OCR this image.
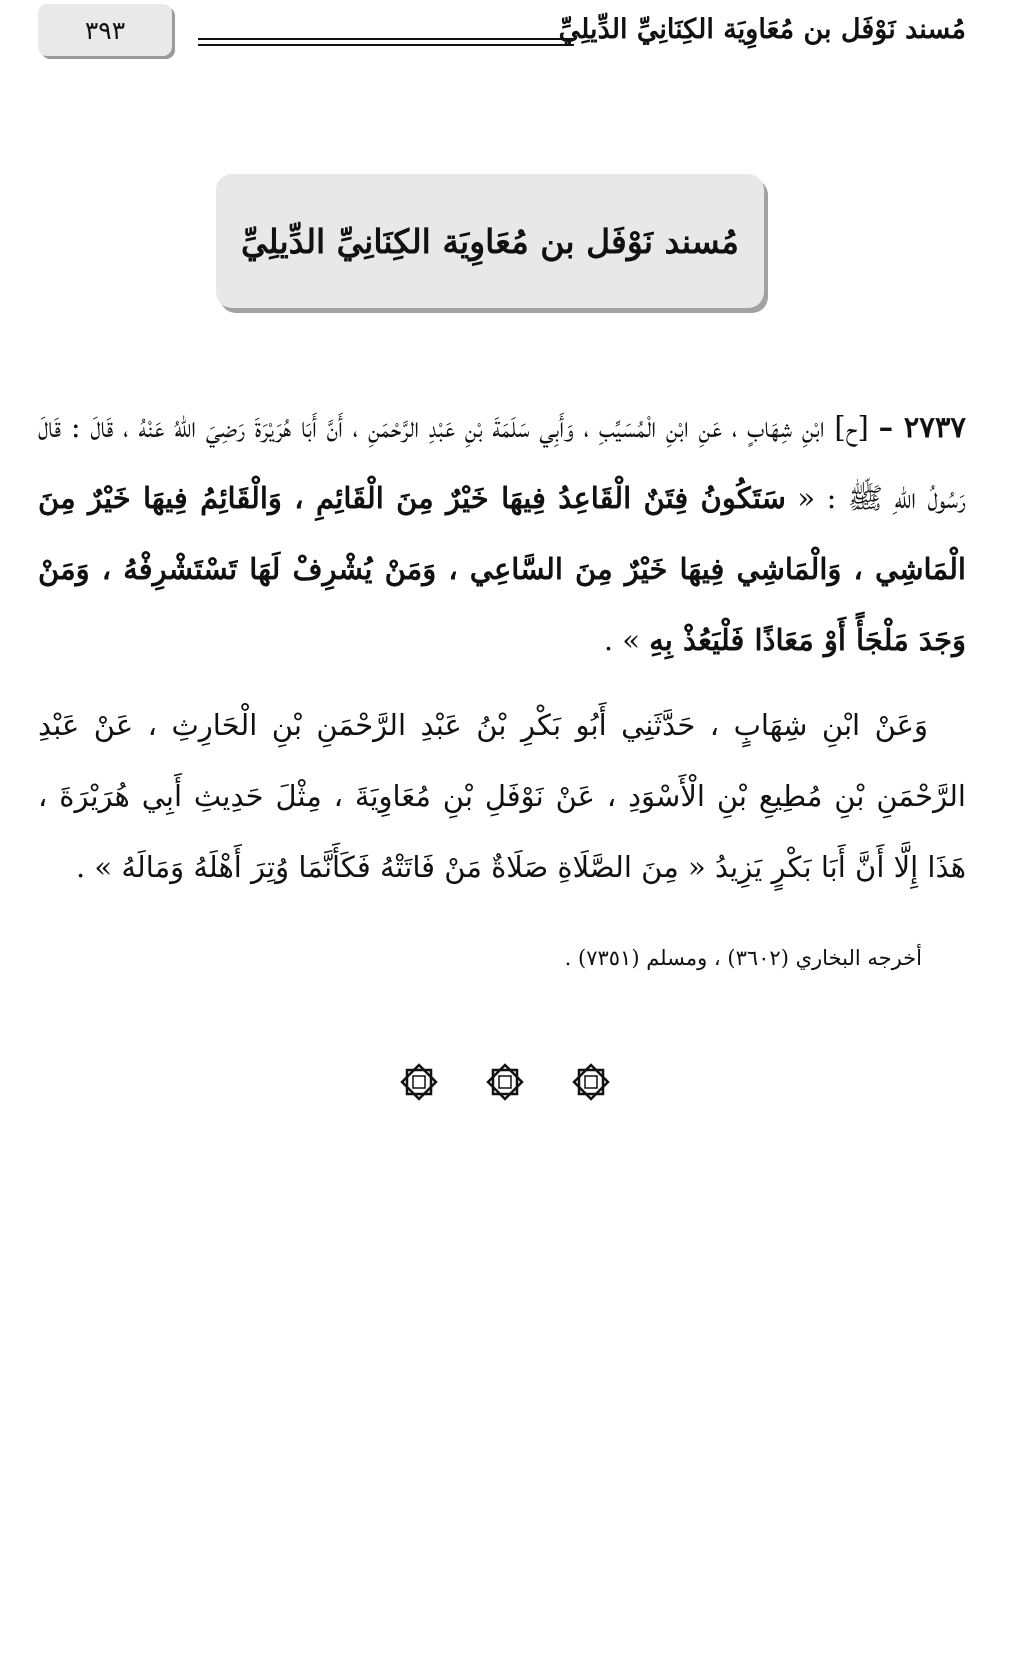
٣٩٣	مُسند نَوْفَل بن مُعَاوِيَة الكِنَانِيِّ الدِّيلِيِّ
مُسند نَوْفَل بن مُعَاوِيَة الكِنَانِيِّ الدِّيلِيِّ

٢٧٣٧ – [ح] ابْنِ شِهَابٍ ، عَنِ ابْنِ الْمُسَيِّبِ ، وَأَبِي سَلَمَةَ بْنِ عَبْدِ الرَّحْمَنِ ، أَنَّ أَبَا هُرَيْرَةَ رَضِيَ اللهُ عَنْهُ ، قَالَ : قَالَ رَسُولُ اللهِ ﷺ : « سَتَكُونُ فِتَنٌ الْقَاعِدُ فِيهَا خَيْرٌ مِنَ الْقَائِمِ ، وَالْقَائِمُ فِيهَا خَيْرٌ مِنَ الْمَاشِي ، وَالْمَاشِي فِيهَا خَيْرٌ مِنَ السَّاعِي ، وَمَنْ يُشْرِفْ لَهَا تَسْتَشْرِفْهُ ، وَمَنْ وَجَدَ مَلْجَأً أَوْ مَعَاذًا فَلْيَعُذْ بِهِ » .

وَعَنْ ابْنِ شِهَابٍ ، حَدَّثَنِي أَبُو بَكْرِ بْنُ عَبْدِ الرَّحْمَنِ بْنِ الْحَارِثِ ، عَنْ عَبْدِ الرَّحْمَنِ بْنِ مُطِيعِ بْنِ الْأَسْوَدِ ، عَنْ نَوْفَلِ بْنِ مُعَاوِيَةَ ، مِثْلَ حَدِيثِ أَبِي هُرَيْرَةَ ، هَذَا إِلَّا أَنَّ أَبَا بَكْرٍ يَزِيدُ « مِنَ الصَّلَاةِ صَلَاةٌ مَنْ فَاتَتْهُ فَكَأَنَّمَا وُتِرَ أَهْلَهُ وَمَالَهُ » .

أخرجه البخاري (٣٦٠٢) ، ومسلم (٧٣٥١) .
